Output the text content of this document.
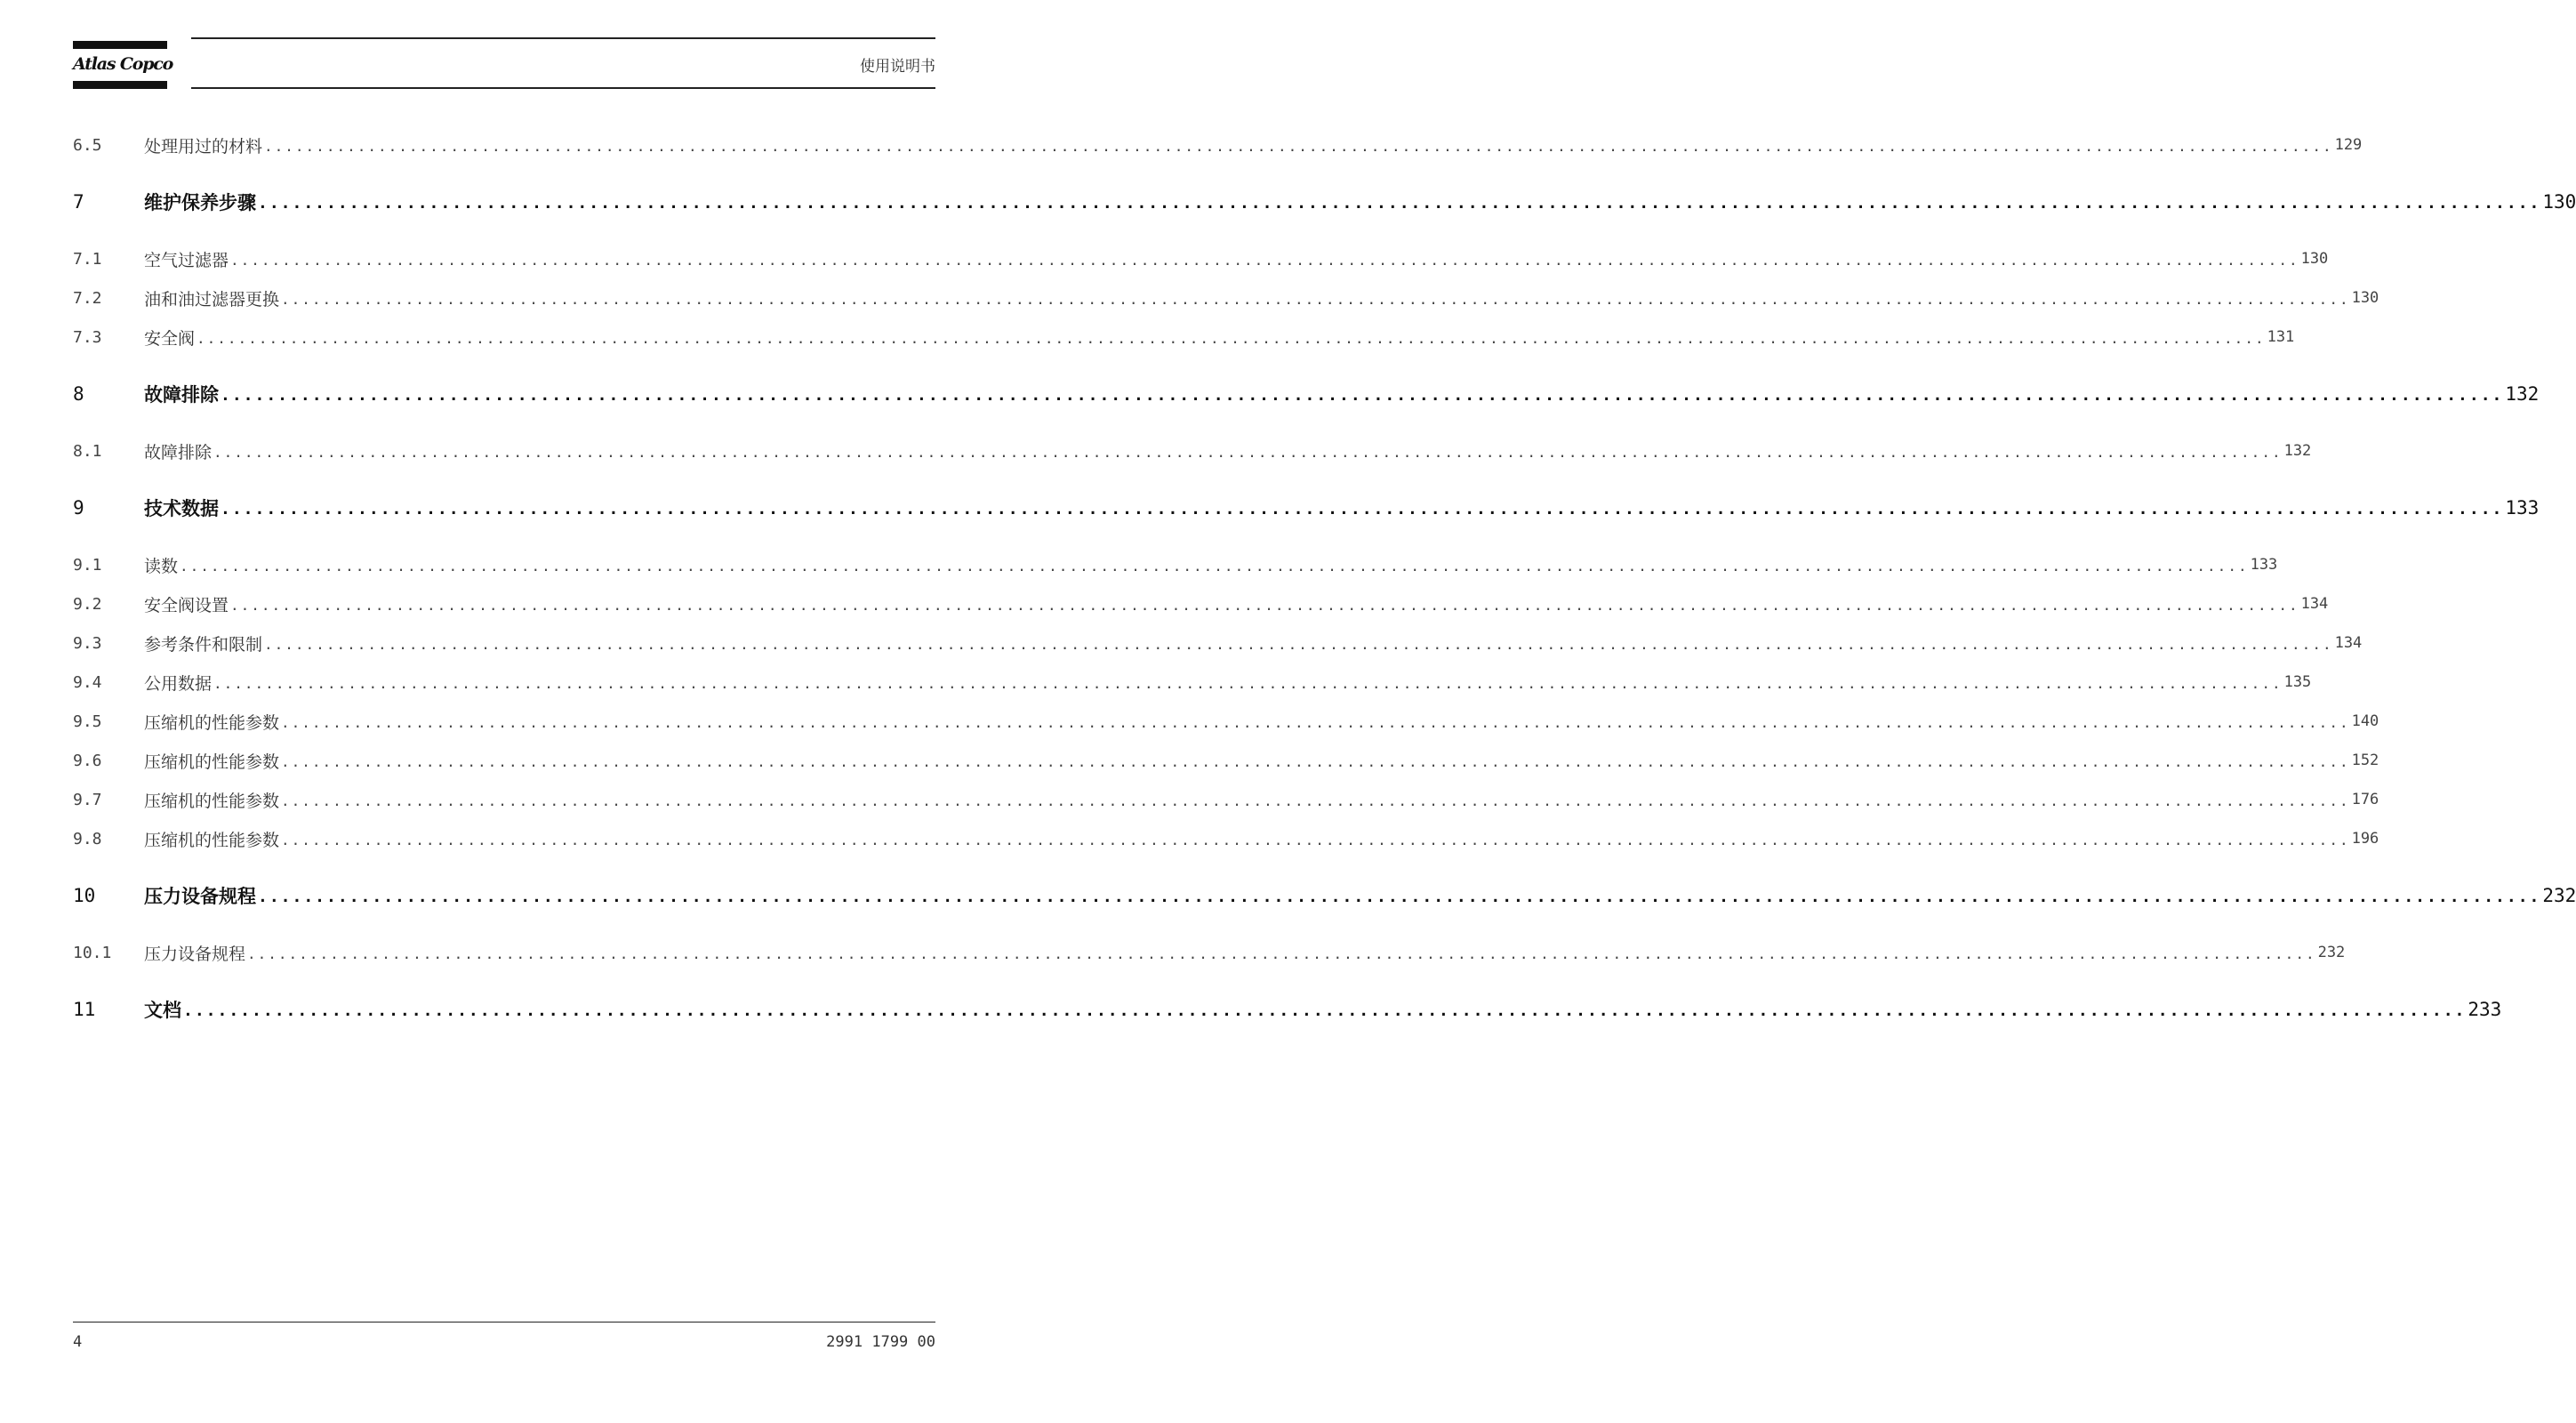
Atlas Copco	使用说明书
6.5	处理用过的材料 ........................................................................................................................................................................................................ 129
7	维护保养步骤 ........................................................................................................................................................................................................ 130
7.1	空气过滤器 ........................................................................................................................................................................................................ 130
7.2	油和油过滤器更换 ........................................................................................................................................................................................................ 130
7.3	安全阀 ........................................................................................................................................................................................................ 131
8	故障排除 ........................................................................................................................................................................................................ 132
8.1	故障排除 ........................................................................................................................................................................................................ 132
9	技术数据 ........................................................................................................................................................................................................ 133
9.1	读数 ........................................................................................................................................................................................................ 133
9.2	安全阀设置 ........................................................................................................................................................................................................ 134
9.3	参考条件和限制 ........................................................................................................................................................................................................ 134
9.4	公用数据 ........................................................................................................................................................................................................ 135
9.5	压缩机的性能参数 ........................................................................................................................................................................................................ 140
9.6	压缩机的性能参数 ........................................................................................................................................................................................................ 152
9.7	压缩机的性能参数 ........................................................................................................................................................................................................ 176
9.8	压缩机的性能参数 ........................................................................................................................................................................................................ 196
10	压力设备规程 ........................................................................................................................................................................................................ 232
10.1	压力设备规程 ........................................................................................................................................................................................................ 232
11	文档 ........................................................................................................................................................................................................ 233
4	2991 1799 00
